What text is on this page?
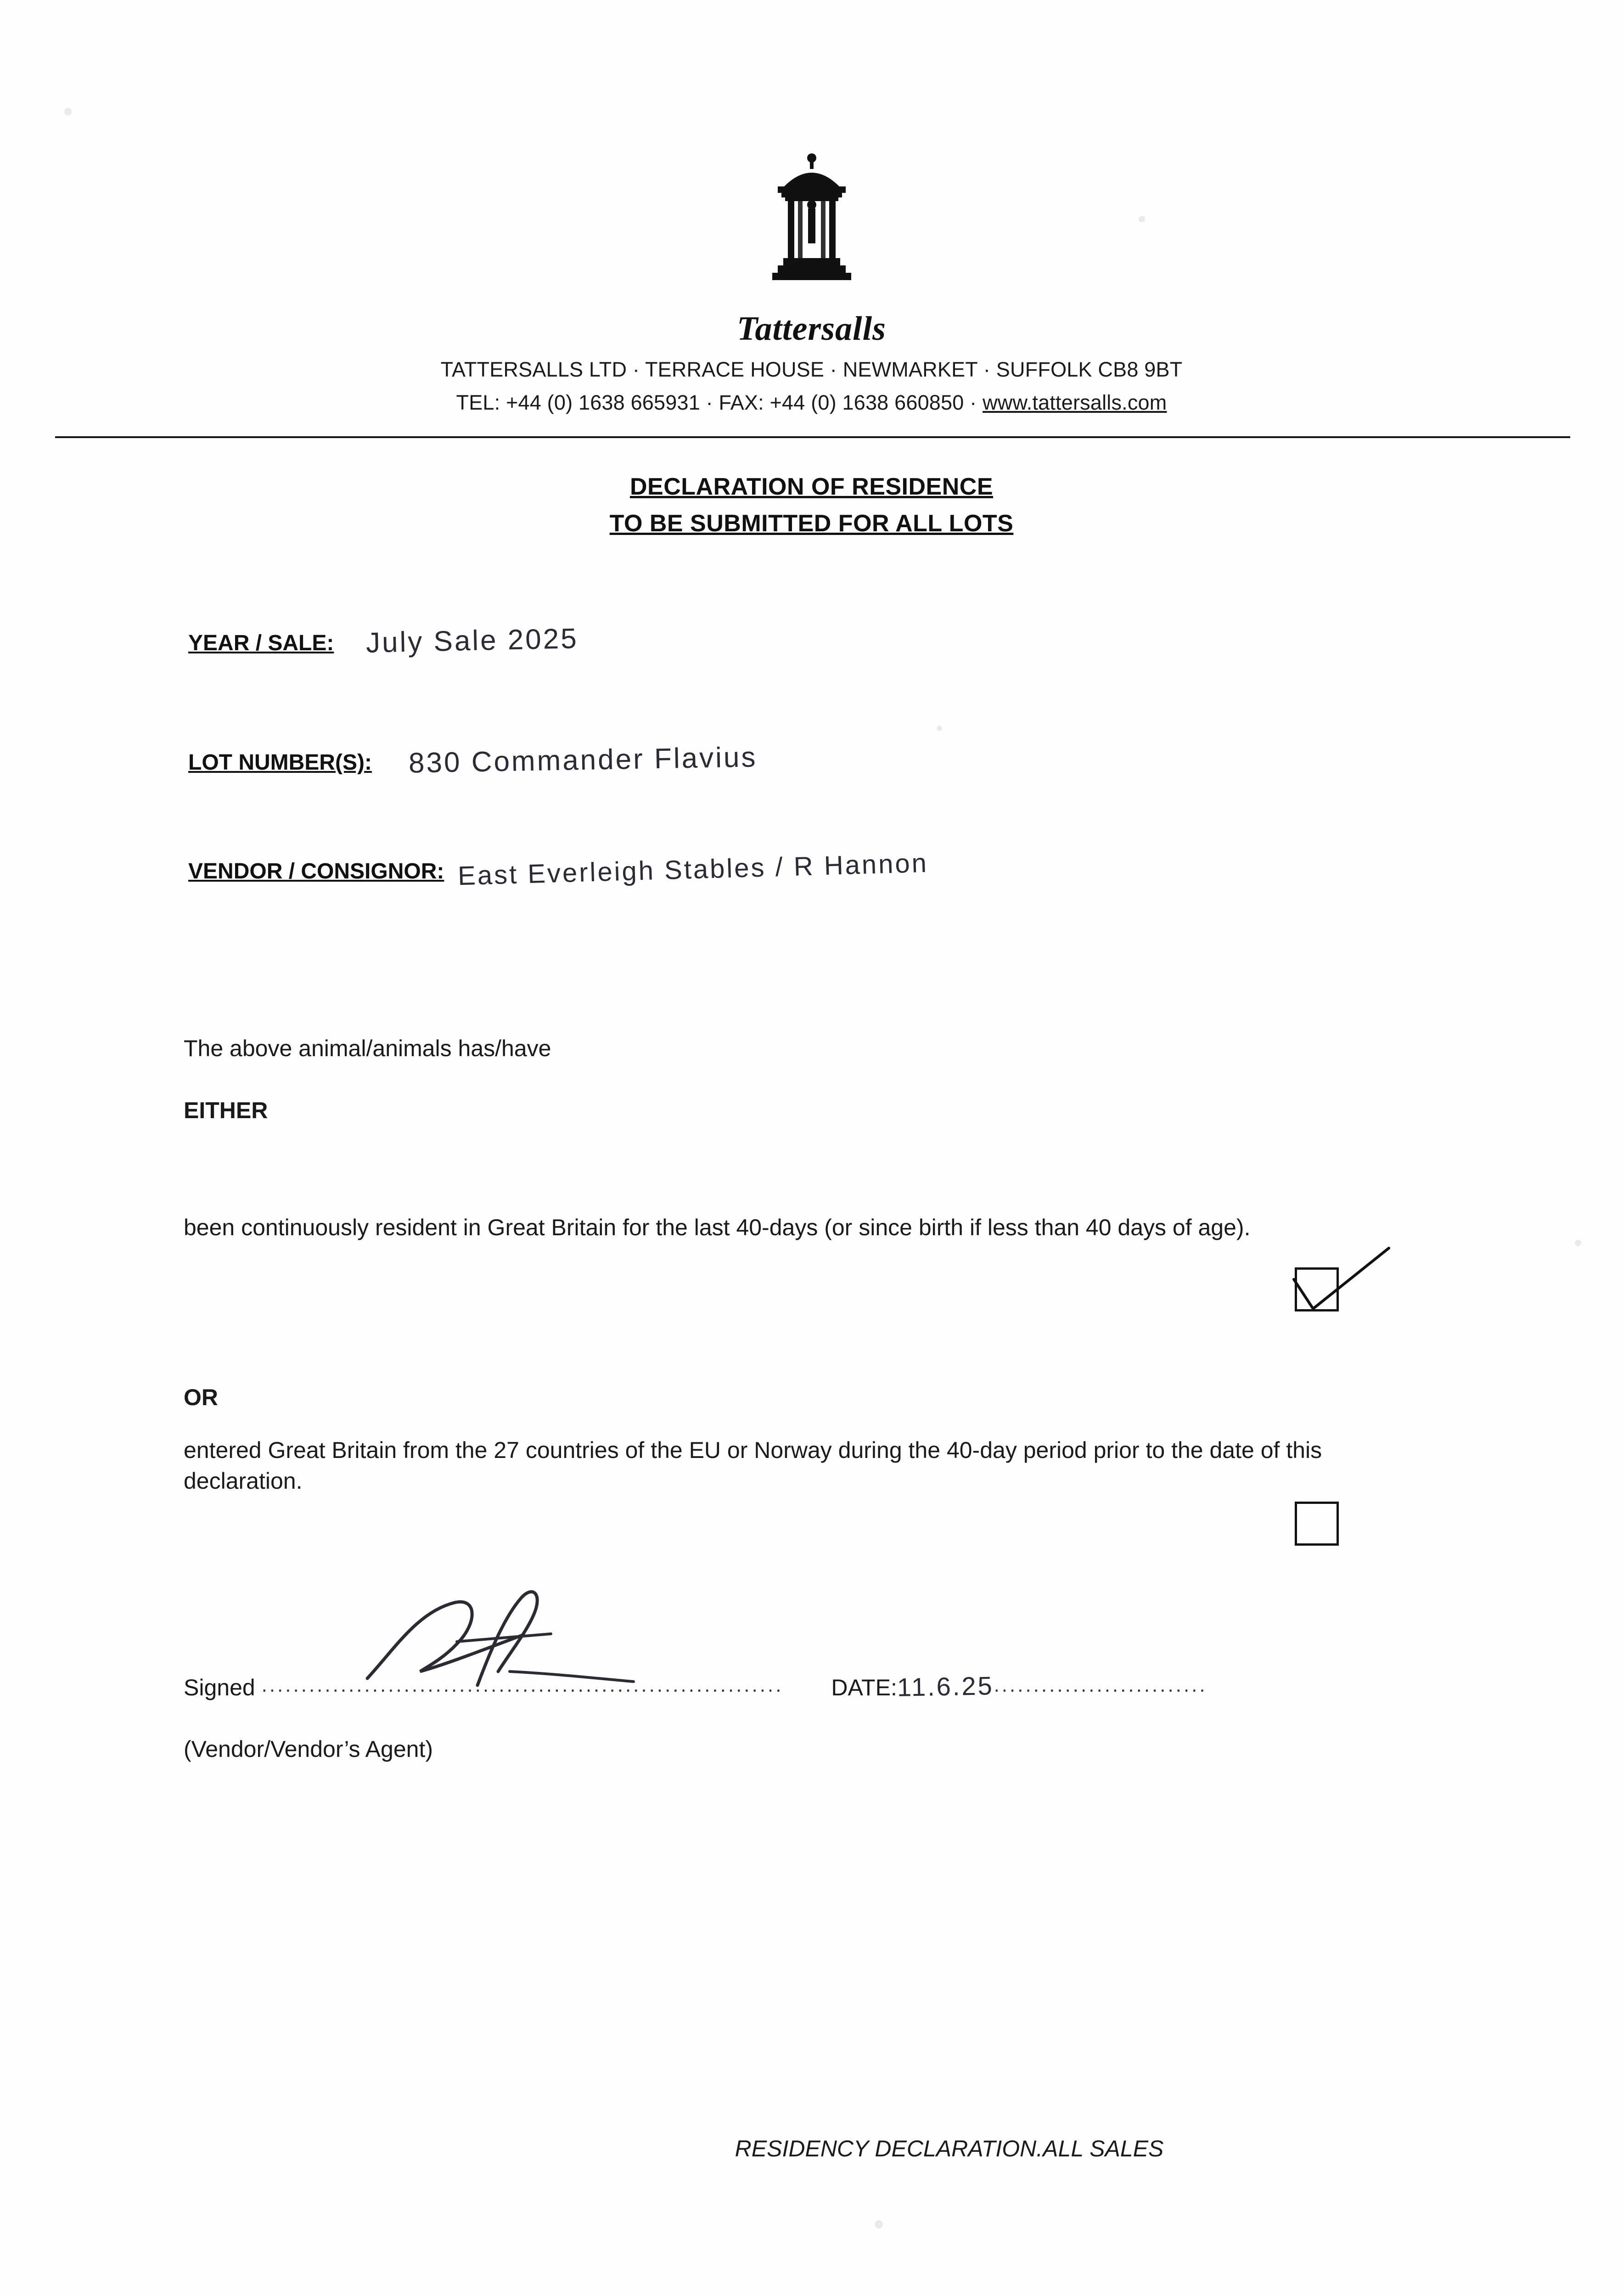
Tattersalls
TATTERSALLS LTD · TERRACE HOUSE · NEWMARKET · SUFFOLK CB8 9BT
TEL: +44 (0) 1638 665931 · FAX: +44 (0) 1638 660850 · www.tattersalls.com
DECLARATION OF RESIDENCE
TO BE SUBMITTED FOR ALL LOTS
YEAR / SALE: July Sale 2025
LOT NUMBER(S): 830 Commander Flavius
VENDOR / CONSIGNOR: East Everleigh Stables / R Hannon
The above animal/animals has/have
EITHER
been continuously resident in Great Britain for the last 40-days (or since birth if less than 40 days of age).
OR
entered Great Britain from the 27 countries of the EU or Norway during the 40-day period prior to the date of this declaration.
Signed .................................................................. DATE:11.6.25...........................
(Vendor/Vendor’s Agent)
RESIDENCY DECLARATION.ALL SALES
